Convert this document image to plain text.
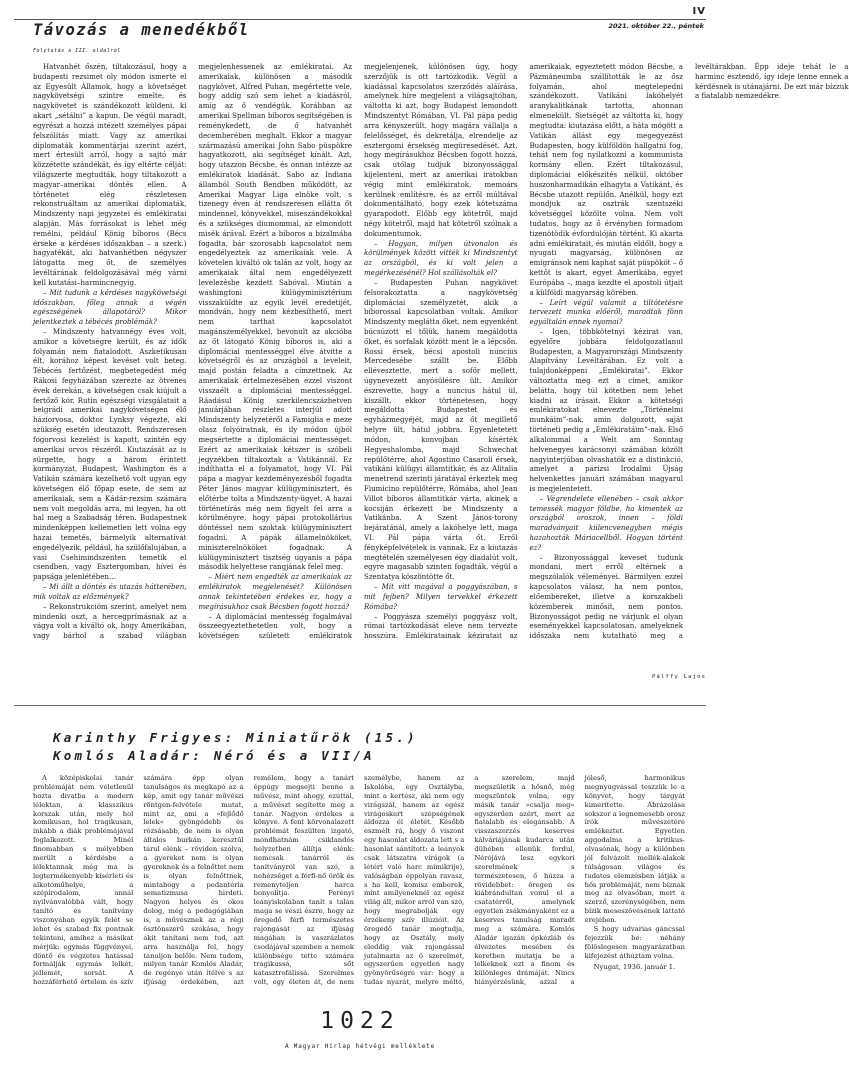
IV
2021. október 22., péntek
Távozás a menedékből
Folytatás a III. oldalról

Hatvanhét őszén, tiltakozásul, hogy a budapesti rezsimet oly módon ismerte el az Egyesült Államok, hogy a követséget nagykövetségi szintre emelte, és nagykövetet is szándékozott küldeni, ki akart „sétálni” a kapun. De végül maradt, egyrészt a hozzá intézett személyes pápai felszólítás miatt. Vagy az amerikai diplomaták kommentárjai szerint azért, mert értesült arról, hogy a sajtó már közzétette szándékát, és így eltérte célját: világszerte megtudták, hogy tiltakozott a magyar–amerikai döntés ellen. A történetet elég részletesen rekonstruáltam az amerikai diplomaták, Mindszenty napi jegyzetei és emlékiratai alapján. Más forrásokat is lehet még remélni, például König bíboros (Bécs érseke a kérdéses időszakban – a szerk.) hagyatékát, aki hatvanhétben négyszer látogatta meg őt, de személyes levéltárának feldolgozásával még várni kell kutatási–harmincnegyig.

– Mit tudunk a kérdéses nagykövetségi időszakban, főleg annak a végén egészségének állapotáról? Mikor jelentkeztek a tébécés problémák?

– Mindszenty hatvannégy éves volt, amikor a követségre került, és az idők folyamán nem fiatalodott. Aszketikusan élt, korához képest kevéset volt beteg. Tébécés fertőzést, megbetegedést még Rákosi fegyházában szerezte az ötvenes évek derekán, a követségen csak kiújult a fertőző kór. Rutin egészségi vizsgálatait a belgrádi amerikai nagykövetségen élő háziorvosa, doktor Lynksy végezte, aki szükség esetén ideutazott. Rendszeresen fogorvosi kezelést is kapott, szintén egy amerikai orvos részéről. Kiutazását az is sürgette, hogy a három érintett kormányzat, Budapest, Washington és a Vatikán számára kezelhető volt ugyan egy követségen élő főpap esete, de sem az amerikaiak, sem a Kádár-rezsim számára nem volt megoldás arra, mi legyen, ha ott hal meg a Szabadság téren. Budapestnek mindenképpen kellemetlen lett volna egy hazai temetés, bármelyik alternatívát engedélyezik, például, ha szülőfalujában, a vasi Csehimindszenten temetik el csendben, vagy Esztergomban, hívei és papsága jelenlétében…

– Mi állt a döntés és utazás hátterében, mik voltak az előzmények?

– Rekonstrukcióm szerint, amelyet nem mindenki oszt, a hercegprímásnak az a vágya volt a kiváltó ok, hogy Amerikában, vagy bárhol a szabad világban megjelenhessenek az emlékiratai. Az amerikaiak, különösen a második nagykövet, Alfred Puhan, megértette vele, hogy addig szó sem lehet a kiadásról, amíg az ő vendégük. Korábban az amerikai Spellman bíboros segítségében is reménykedett, de ő hatvanhét decemberében meghalt. Ekkor a magyar származású amerikai John Sabo püspökre hagyatkozott, aki segítséget kínált. Azt, hogy utazzon Bécsbe, és onnan intézze az emlékiratok kiadását. Sabo az Indiana államból South Bendben működött, az Amerikai Magyar Liga elnöke volt, s tizenegy éven át rendszeresen ellátta őt mindennel, könyvekkel, miseszándékokkal és a szükséges diumommal, az elmondott misék árával. Ezért a bíboros a bizalmába fogadta, bár szorosabb kapcsolatot nem engedélyeztek az amerikaiak vele. A követelen kiváltó ok talán az volt, hogy az amerikaiak által nem engedélyezett levelezésbe kezdett Sabóval. Miután a washingtoni külügyminisztérium visszaküldte az egyik levél eredetijét, mondván, hogy nem kézbesíthető, mert nem tarthat kapcsolatot magánszemélyekkel, bevonult az akcióba az őt látogató König bíboros is, aki a diplomáciai mentességgel élve átvitte a követségről és az országból a leveleit, majd postán feladta a címzettnek. Az amerikaiak értelmezésében ezzel viszont visszaélt a diplomáciai mentességgel. Ráadásul König szerkilencszázhetven januárjában részletes interjút adott Mindszenty helyzetéről a Famiglia e meze olasz folyóiratnak, és ily módon újból megsértette a diplomáciai mentességet. Ezért az amerikaiak kétszer is szóbeli jegyzékben tiltakoztak a Vatikánnál. Ez indíthatta el a folyamatot, hogy VI. Pál pápa a magyar kezdeményezésből fogadta Péter János magyar külügyminisztert, és előtérbe tolta a Mindszenty-ügyet. A hazai történetírás még nem figyelt fel arra a körülményre, hogy pápai protokollárius döntéssel nem szoktak külügyminisztert fogadni. A pápák államelnököket, miniszterelnököket fogadnak. A külügyminisztert tisztség ugyanis a pápa második helyettese rangjának felel meg.

– Miért nem engedték az amerikaiak az emlékiratok megjelenését? Különösen annak tekintetében érdekes ez, hogy a megírásukhoz csak Bécsben fogott hozzá?

– A diplomáciai mentesség fogalmával összeegyeztethetetlen volt, hogy a követségen született emlékiratok megjelenjenek, különösen úgy, hogy szerzőjük is ott tartózkodik. Végül a kiadással kapcsolatos szerződés aláírása, amelynek híre megjelent a világsajtóban, váltotta ki azt, hogy Budapest lemondott Mindszentyt Rómában, VI. Pál pápa pedig arra kényszerült, hogy magára vállalja a felelősséget, és dekretálja, elrendelje az esztergomi érsekség megüresedését. Azt, hogy megírásukhoz Bécsben fogott hozzá, csak utólag tudjuk bizonyossággal kijelenteni, mert az amerikai iratokban végig mint emlékiratok, memoárs kerülnek említésre, és az erről múltával dokumentálható, hogy ezek kötetszáma gyarapodott. Előbb egy kötetről, majd négy kötetről, majd hat kötetről szólnak a dokumentumok.

– Hogyan, milyen útvonalon és körülmények között vitték ki Mindszentyt az országból, és ki volt jelen a megérkezésénél? Hol szállásolták el?

– Budapesten Puhan nagykövet felsorakoztatta a nagykövetség diplomáciai személyzetét, akik a bíborossal kapcsolatban voltak. Amikor Mindszenty meglátta őket, nem egyenként búcsúzott el tőlük, hanem megáldotta őket, és sorfalak között ment le a lépcsőn. Rossi érsek, bécsi apostoli nuncius Mercedesébe szállt be. Előbb ellévesztette, mert a sofőr mellett, úgynevezett anyósülésre ült. Amikor észrevette, hogy a nuncius hátul ül, kiszállt, ekkor történetesen, hogy megáldotta Budapestet és egyházmegyéjét, majd az őt megillető helyre ült, hátul jobbra. Egyenletetett módon, konvojban kísérték Hegyeshalomba, majd Schwechat repülőtérre, ahol Agostino Casaroli érsek, vatikáni külügyi államtitkár, és az Alitalia menetrend szerinti járatával érkeztek meg Fiumicino repülőtérre, Rómába, ahol Jean Villot bíboros államtitkár várta, akinek a kocsiján érkezett be Mindszenty a Vatikánba. A Szent János-torony bejáratánál, amely a lakóhelye lett, maga VI. Pál pápa várta őt. Erről fényképfelvételek is vannak. Ez a kiutazás megtételén személyesen égy diadalút volt, egyre magasabb szinten fogadták, végül a Szentatya köszöntötte őt.

– Mit vitt magával a poggyászában, s mit fejben? Milyen tervekkel érkezett Rómába?

– Poggyásza személyi poggyász volt, római tartózkodását eleve nem tervezte hosszúra. Emlékiratainak kéziratait az amerikaiak, egyeztetett módon Bécsbe, a Pázmáneumba szállították le az ősz folyamán, ahol megtelepedni szándékozott. Vatikáni lakóhelyét aranykalitkának tartotta, ahonnan elmenekült. Sietségét az váltotta ki, hogy megtudta: kiutazása előtt, a háta mögött a Vatikán állást egy megegyezést Budapesten, hogy külföldön hallgatni fog, tehát nem fog nyilatkozni a kommunista kormány ellen. Ezért tiltakozásul, diplomáciai előkészítés nélkül, október huszonharmadikán elhagyta a Vatikánt, és Bécsbe utazott repülőn. Anélkül, hogy ezt mondjuk az osztrák szentszéki követséggel közölte volna. Nem volt tudatos, hogy az ő érvényben formadom tizenötödik évfordulóján történt. Ki akarta adni emlékiratait, és miután eldőlt, hogy a nyugati magyarság, különösen az emigránsok nem kaphat saját püspököt – ő kettőt is akart, egyet Amerikába, egyet Európába –, maga kezdte el apostoli útjait a külföldi magyarság körében.

– Leírt végül valamit a tiltótetésre tervezett munka előéről, maradtak fönn egyáltalán ennek nyomai?

– Igen, többkötetnyi kézirat van, egyelőre jobbára feldolgozatlanul Budapesten, a Magyarországi Mindszenty Alapítvány Levéltárában. Ez volt a tulajdonképpeni „Emlékiratai”. Ekkor változtatta meg ezt a címet, amikor belátta, hogy túl kötetben nem lehet kiadni az írásait. Ekkor a kötetségi emlékiratokat elnevezte „Történelmi munkáim”-nak, amin dolgozott, saját történeti pedig a „Emlékiratáim”-nak. Első alkalommal a Welt am Sonntag helvenegyes karácsonyi számában közölt nagyinterjúban olvashatók ez a distinkció, amelyet a párizsi Irodalmi Újság helvenkettes januári számában magyarul is megjelentetett.

– Végrendelete ellenében – csak akkor temessék magyar földbe, ha kimentek az országból oroszok, innen – földi maradványait kiilencvenegyben mégis hazahozták Máriacellből. Hogyan történt ez?

– Bizonyossággal keveset tudunk mondani, mert erről eltérnek a megszólalók véleményei. Bármilyen ezzel kapcsolatos válasz, ha nem pontos, előembereket, illetve a korszakbeli közemberek minősít, nem pontos. Bizonyosságot pedig ne várjunk el olyan eseményekkel kapcsolatosan, amelyeknek időszaka nem kutatható meg a levéltárakban. Épp ideje tehát le a harminc esztendő, így ideje lenne ennek a kérdésnek is utánajárni. De ezt már bízzuk a fiatalabb nemzedékre.

Pálffy Lajos
Karinthy Frigyes: Miniatűrök (15.)
Komlós Aladár: Néró és a VII/A

A középiskolai tanár problémáját nem véletlenül hozta divatba a modern lélektan, a klasszikus korszak után, mely hol komikusan, hol tragikusan, inkább a diák problémájával foglalkozott. Minél finomabban s mélyebben merült a kérdésbe a lélektannak még ma is legtermékenyebb kísérleti és alkotóműhelye, a szépirodalom, annál nyilvánvalóbbá vált, hogy tanító és tanítvány viszonyában egyik felét se lehet és szabad fix pontnak tekinteni, amihez a másikat mérjük: egymás függvényei, döntő és végzetes hatással formálják egymás lelkét, jellemét, sorsát. A hozzáférhető értelem és szív számára épp olyan tanulságos és megkapó az a kép, amit egy tanár művészi röntgen-felvétele mutat, mint az, ami a »fejlődő lelek« gyöngédebb és rózsásabb, de nem is olyan általos burkán keresztül tárul elénk – röviden szólva, a gyereket nem is olyan gyereknek és a felnőttet nem is olyan felnőttnek, mintahogy a pedantéria sematizmusa hirdeti. Nagyon helyes és okos dolog, még a pedagógiában is, a művésznek az a régi ösztönszerű szokása, hogy akit tanítani nem tud, azt arra használja fel, hogy tanuljon belőle. Nem tudom, milyen tanár Komlós Aladár, de regénye után ítélve s az ifjúság érdekében, azt remélem, hogy a tanárt éppúgy megsejti benne a művész, mint ahogy, ezúttal, a művészt segítette meg a tanár. Nagyon érdekes a könyve. A fent körvonalazott problémát feszülten izgató, mondhatnám csiklandós helyzetben állítja elénk: nemcsak tanárról és tanítványról van szó, a nehézséget a férfi-nő örök és remenyteljen harca bonyolítja. Perényi leányiskolában tanít s talán maga se veszi észre, hogy az öregedő férfi természetes rajongását az ifjúság magában is vaszrázlatos csodájával szemben a nemek különbsége tette számára tragikussá, sőt katasztrofálissá. Szerelmes volt, egy életen át, de nem személybe, hanem az Iskolába, egy Osztályba, mint a kertész, aki nem egy virágszál, hanem az egész virágoskert szépségének áldozza él életét. Később eszmélt rá, hogy ő viszont egy hasonlat áldozata lett s a hasonlat sántított: a leányok csak látszatra virágok (a létért való harc mimikrije), valóságban éppolyan ravasz, s ha kell, komisz emberek, mint amilyeneknél az egész világ áll, mikor arról van szó, hogy megrabolják egy érzékeny szív illúzióit. Az öregedő tanár megtudja, hogy az Osztály, mely eleddig vak rajongással jutalmazta az ő szerelmét, egyszerűen egyetlen nagy gyönyörűségre vár: hogy a tudás nyarát, melyre méltó, a szerelem, majd megszületik a hősnő, még megszüntek volna, egy másik tanár »csalja meg« egyszerűen azért, mert az fiatalabb és elegánsabb. A visszaszerzés keserves kálváriájának kudarca után dühében ellenük fordul, Nérójává lesz egykori szerelmének s természetesen, ő húzza a rövidebbet: öregen és kiábrándultan vonul el a csatatérről, amelynek egyetlen zsákmányaként ez a keserves tanulság maradt meg a számára. Komlós Aladár igazán épkézláb és élvezetes mesében és keretben mutatja be a lelkeknek ezt a finom és különleges drámáját. Nincs hiányérzésünk, azzal a jóleső, harmonikus megnyugvással teszzük le a könyvet, hogy tárgyát kimerítette. Ábrázolása sokszor a legnemesebb orosz írók művészetére emlékeztet. Egyetlen aggodalma a kritikus-olvasónak, hogy a különben jól felvázolt mellék-alakok túlságosan világos és tudatos elemzésben látják a hős problémáját, nem bíznak meg az olvasóban, mert a szerző, szerénységében, nem bízik meseszövésének láttató erejében.

S hogy udvarias gáncssal fejezzük be: néhány fölöslegesen magyarázatban kifejezést áthúztam volna.

Nyugat, 1936. január 1.

1022
A Magyar Hírlap hétvégi melléklete
